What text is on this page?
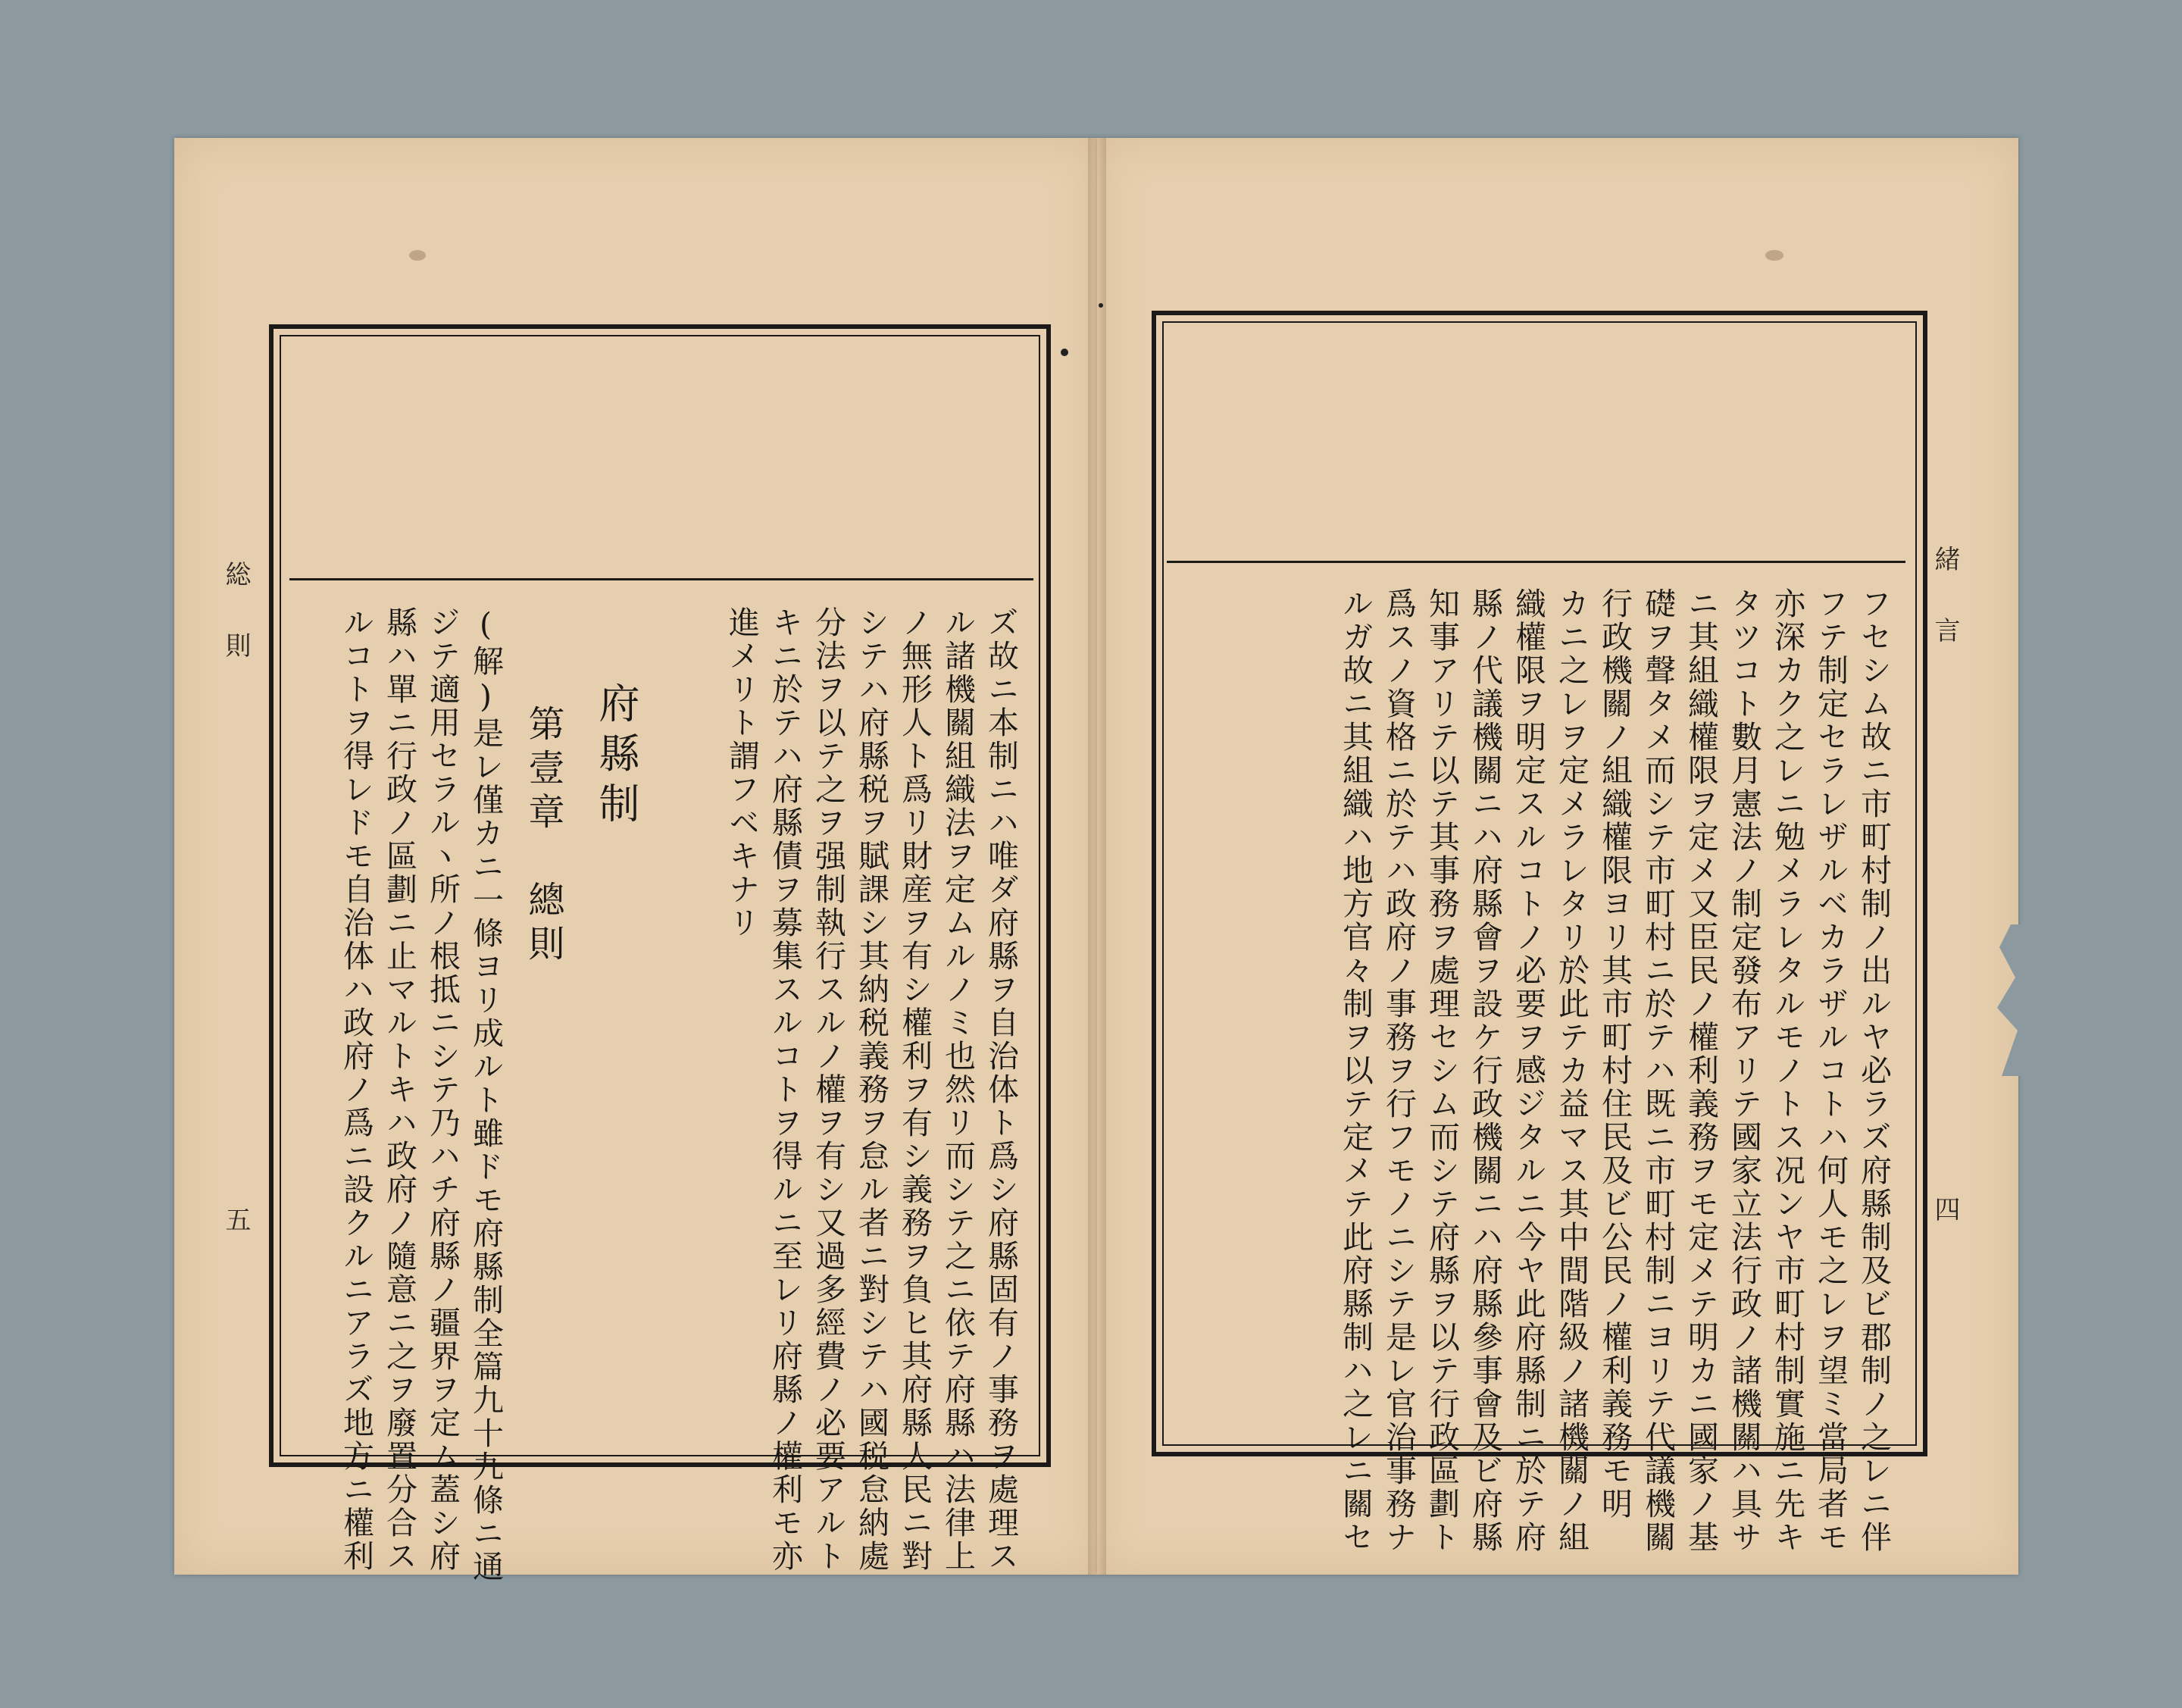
総則
五	ズ故ニ本制ニハ唯ダ府縣ヲ自治体ト爲シ府縣固有ノ事務ヲ處理ス
ル諸機關組織法ヲ定ムルノミ也然リ而シテ之ニ依テ府縣ハ法律上
ノ無形人ト爲リ財産ヲ有シ權利ヲ有シ義務ヲ負ヒ其府縣人民ニ對
シテハ府縣税ヲ賦課シ其納税義務ヲ怠ル者ニ對シテハ國税怠納處
分法ヲ以テ之ヲ强制執行スルノ權ヲ有シ又過多經費ノ必要アルト
キニ於テハ府縣債ヲ募集スルコトヲ得ルニ至レリ府縣ノ權利モ亦
進メリト謂フベキナリ
府縣制
第壹章　總則
(解)是レ僅カニ一條ヨリ成ルト雖ドモ府縣制全篇九十九條ニ通
ジテ適用セラルヽ所ノ根抵ニシテ乃ハチ府縣ノ疆界ヲ定ム蓋シ府
縣ハ單ニ行政ノ區劃ニ止マルトキハ政府ノ隨意ニ之ヲ廢置分合ス
ルコトヲ得レドモ自治体ハ政府ノ爲ニ設クルニアラズ地方ニ權利	緒言
四
フセシム故ニ市町村制ノ出ルヤ必ラズ府縣制及ビ郡制ノ之レニ伴
フテ制定セラレザルベカラザルコトハ何人モ之レヲ望ミ當局者モ
亦深カク之レニ勉メラレタルモノトス况ンヤ市町村制實施ニ先キ
タツコト數月憲法ノ制定發布アリテ國家立法行政ノ諸機關ハ具サ
ニ其組織權限ヲ定メ又臣民ノ權利義務ヲモ定メテ明カニ國家ノ基
礎ヲ聲タメ而シテ市町村ニ於テハ既ニ市町村制ニヨリテ代議機關
行政機關ノ組織權限ヨリ其市町村住民及ビ公民ノ權利義務モ明
カニ之レヲ定メラレタリ於此テカ益マス其中間階級ノ諸機關ノ組
織權限ヲ明定スルコトノ必要ヲ感ジタルニ今ヤ此府縣制ニ於テ府
縣ノ代議機關ニハ府縣會ヲ設ケ行政機關ニハ府縣參事會及ビ府縣
知事アリテ以テ其事務ヲ處理セシム而シテ府縣ヲ以テ行政區劃ト
爲スノ資格ニ於テハ政府ノ事務ヲ行フモノニシテ是レ官治事務ナ
ルガ故ニ其組織ハ地方官々制ヲ以テ定メテ此府縣制ハ之レニ關セ
